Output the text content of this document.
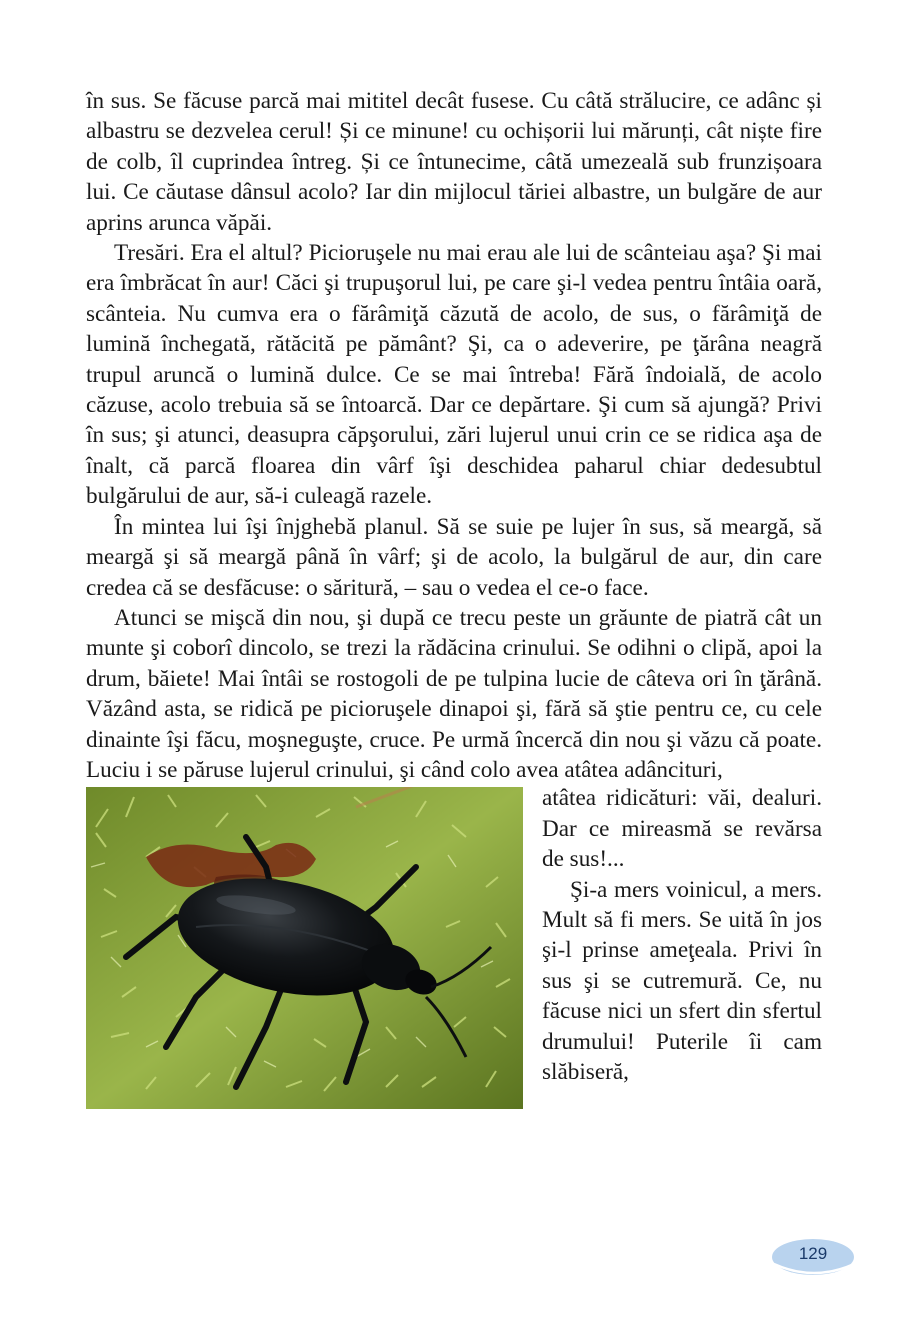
în sus. Se făcuse parcă mai mititel decât fusese. Cu câtă strălucire, ce adânc și albastru se dezvelea cerul! Și ce minune! cu ochișorii lui mărunți, cât niște fire de colb, îl cuprindea întreg. Și ce întunecime, câtă umezeală sub frunzișoara lui. Ce căutase dânsul acolo? Iar din mijlocul tăriei albastre, un bulgăre de aur aprins arunca văpăi.

Tresări. Era el altul? Picioruşele nu mai erau ale lui de scânteiau aşa? Şi mai era îmbrăcat în aur! Căci şi trupuşorul lui, pe care şi-l vedea pentru întâia oară, scânteia. Nu cumva era o fărâmiţă căzută de acolo, de sus, o fărâmiţă de lumină închegată, rătăcită pe pământ? Şi, ca o adeverire, pe ţărâna neagră trupul aruncă o lumină dulce. Ce se mai întreba! Fără îndoială, de acolo căzuse, acolo trebuia să se întoarcă. Dar ce depărtare. Şi cum să ajungă? Privi în sus; şi atunci, deasupra căpşorului, zări lujerul unui crin ce se ridica aşa de înalt, că parcă floarea din vârf îşi deschidea paharul chiar dedesubtul bulgărului de aur, să-i culeagă razele.

În mintea lui îşi înjghebă planul. Să se suie pe lujer în sus, să meargă, să meargă şi să meargă până în vârf; şi de acolo, la bulgărul de aur, din care credea că se desfăcuse: o săritură, – sau o vedea el ce-o face.

Atunci se mişcă din nou, şi după ce trecu peste un grăunte de piatră cât un munte şi coborî dincolo, se trezi la rădăcina crinului. Se odihni o clipă, apoi la drum, băiete! Mai întâi se rostogoli de pe tulpina lucie de câteva ori în ţărână. Văzând asta, se ridică pe picioruşele dinapoi şi, fără să ştie pentru ce, cu cele dinainte îşi făcu, moşneguşte, cruce. Pe urmă încercă din nou şi văzu că poate. Luciu i se păruse lujerul crinului, şi când colo avea atâtea adâncituri,

atâtea ridicături: văi, dealuri. Dar ce mireasmă se revărsa de sus!...

Şi-a mers voinicul, a mers. Mult să fi mers. Se uită în jos şi-l prinse ameţeala. Privi în sus şi se cutremură. Ce, nu făcuse nici un sfert din sfertul drumului! Puterile îi cam slăbiseră,

129
